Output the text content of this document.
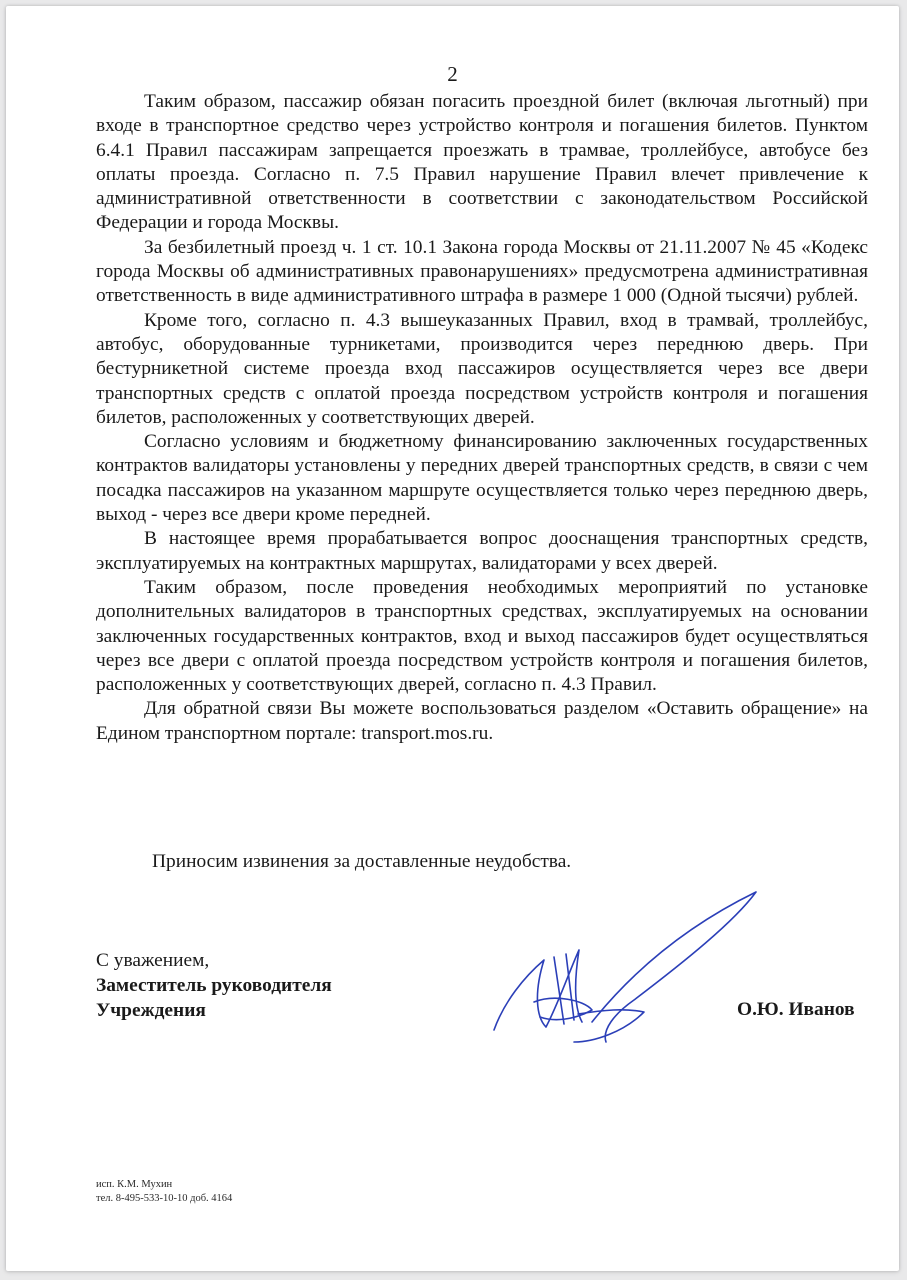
2

Таким образом, пассажир обязан погасить проездной билет (включая льготный) при входе в транспортное средство через устройство контроля и погашения билетов. Пунктом 6.4.1 Правил пассажирам запрещается проезжать в трамвае, троллейбусе, автобусе без оплаты проезда. Согласно п. 7.5 Правил нарушение Правил влечет привлечение к административной ответственности в соответствии с законодательством Российской Федерации и города Москвы.

За безбилетный проезд ч. 1 ст. 10.1 Закона города Москвы от 21.11.2007 № 45 «Кодекс города Москвы об административных правонарушениях» предусмотрена административная ответственность в виде административного штрафа в размере 1 000 (Одной тысячи) рублей.

Кроме того, согласно п. 4.3 вышеуказанных Правил, вход в трамвай, троллейбус, автобус, оборудованные турникетами, производится через переднюю дверь. При бестурникетной системе проезда вход пассажиров осуществляется через все двери транспортных средств с оплатой проезда посредством устройств контроля и погашения билетов, расположенных у соответствующих дверей.

Согласно условиям и бюджетному финансированию заключенных государственных контрактов валидаторы установлены у передних дверей транспортных средств, в связи с чем посадка пассажиров на указанном маршруте осуществляется только через переднюю дверь, выход - через все двери кроме передней.

В настоящее время прорабатывается вопрос дооснащения транспортных средств, эксплуатируемых на контрактных маршрутах, валидаторами у всех дверей.

Таким образом, после проведения необходимых мероприятий по установке дополнительных валидаторов в транспортных средствах, эксплуатируемых на основании заключенных государственных контрактов, вход и выход пассажиров будет осуществляться через все двери с оплатой проезда посредством устройств контроля и погашения билетов, расположенных у соответствующих дверей, согласно п. 4.3 Правил.

Для обратной связи Вы можете воспользоваться разделом «Оставить обращение» на Едином транспортном портале: transport.mos.ru.

Приносим извинения за доставленные неудобства.

С уважением,
Заместитель руководителя
Учреждения	О.Ю. Иванов
исп. К.М. Мухин
тел. 8-495-533-10-10 доб. 4164
